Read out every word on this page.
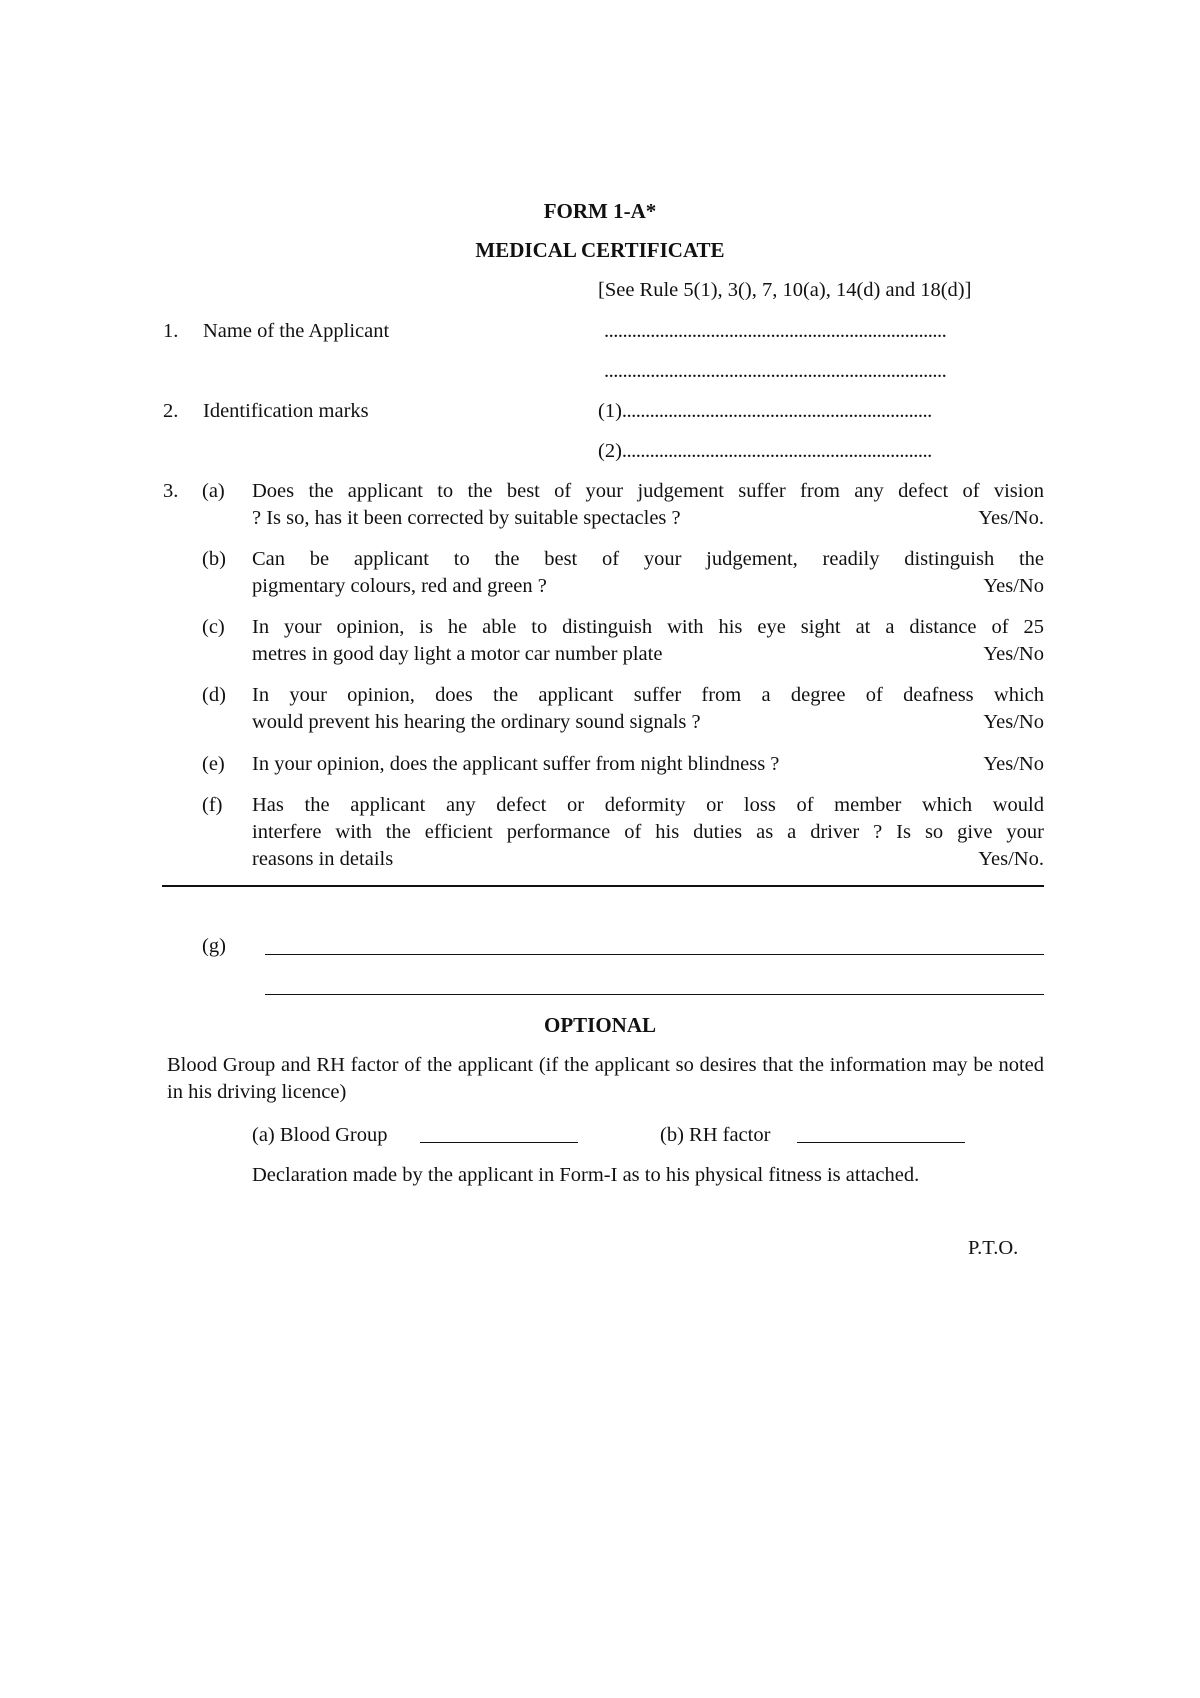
FORM 1-A*
MEDICAL CERTIFICATE
[See Rule 5(1), 3(), 7, 10(a), 14(d) and 18(d)]
1. Name of the Applicant	..........................................................................
..........................................................................
2. Identification marks	(1)...................................................................
(2)...................................................................
3. (a) Does the applicant to the best of your judgement suffer from any defect of vision
? Is so, has it been corrected by suitable spectacles ?	Yes/No.
(b) Can be applicant to the best of your judgement, readily distinguish the
pigmentary colours, red and green ?	Yes/No
(c) In your opinion, is he able to distinguish with his eye sight at a distance of 25
metres in good day light a motor car number plate	Yes/No
(d) In your opinion, does the applicant suffer from a degree of deafness which
would prevent his hearing the ordinary sound signals ?	Yes/No
(e) In your opinion, does the applicant suffer from night blindness ?	Yes/No
(f) Has the applicant any defect or deformity or loss of member which would
interfere with the efficient performance of his duties as a driver ? Is so give your
reasons in details	Yes/No.
(g)
OPTIONAL
Blood Group and RH factor of the applicant (if the applicant so desires that the information may be noted in his driving licence)
(a) Blood Group	(b) RH factor
Declaration made by the applicant in Form-I as to his physical fitness is attached.
P.T.O.
